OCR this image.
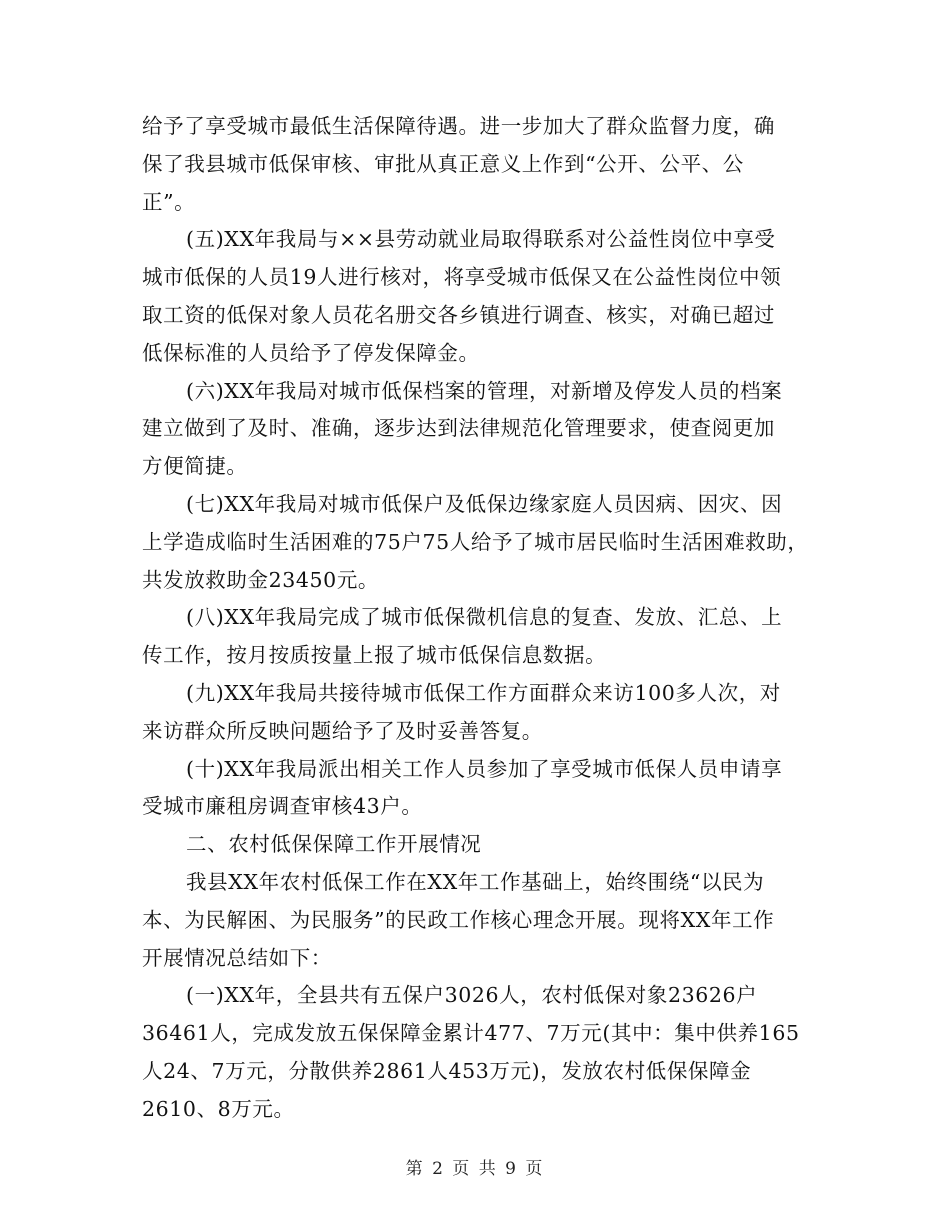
给予了享受城市最低生活保障待遇。进一步加大了群众监督力度，确
保了我县城市低保审核、审批从真正意义上作到“公开、公平、公
正”。
(五)XX年我局与××县劳动就业局取得联系对公益性岗位中享受
城市低保的人员19人进行核对，将享受城市低保又在公益性岗位中领
取工资的低保对象人员花名册交各乡镇进行调查、核实，对确已超过
低保标准的人员给予了停发保障金。
(六)XX年我局对城市低保档案的管理，对新增及停发人员的档案
建立做到了及时、准确，逐步达到法律规范化管理要求，使查阅更加
方便简捷。
(七)XX年我局对城市低保户及低保边缘家庭人员因病、因灾、因
上学造成临时生活困难的75户75人给予了城市居民临时生活困难救助，
共发放救助金23450元。
(八)XX年我局完成了城市低保微机信息的复查、发放、汇总、上
传工作，按月按质按量上报了城市低保信息数据。
(九)XX年我局共接待城市低保工作方面群众来访100多人次，对
来访群众所反映问题给予了及时妥善答复。
(十)XX年我局派出相关工作人员参加了享受城市低保人员申请享
受城市廉租房调查审核43户。
二、农村低保保障工作开展情况
我县XX年农村低保工作在XX年工作基础上，始终围绕“以民为
本、为民解困、为民服务”的民政工作核心理念开展。现将XX年工作
开展情况总结如下：
(一)XX年，全县共有五保户3026人，农村低保对象23626户
36461人，完成发放五保保障金累计477、7万元(其中：集中供养165
人24、7万元，分散供养2861人453万元)，发放农村低保保障金
2610、8万元。
第 2 页 共 9 页
